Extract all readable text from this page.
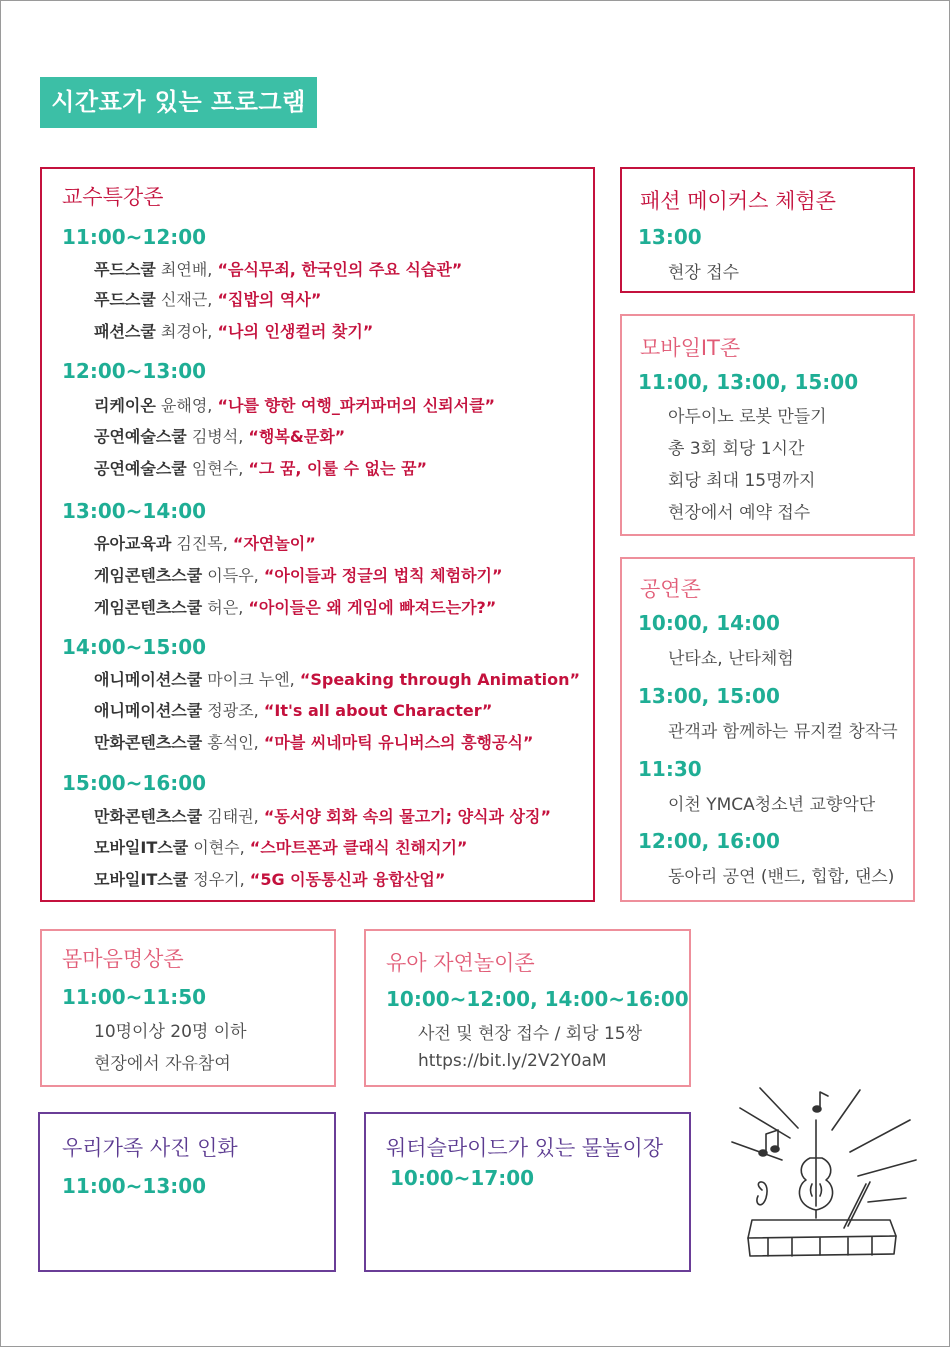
시간표가 있는 프로그램
교수특강존
11:00~12:00
푸드스쿨 최연배, “음식무죄, 한국인의 주요 식습관”
푸드스쿨 신재근, “집밥의 역사”
패션스쿨 최경아, “나의 인생컬러 찾기”
12:00~13:00
리케이온 윤해영, “나를 향한 여행_파커파머의 신뢰서클”
공연예술스쿨 김병석, “행복&문화”
공연예술스쿨 임현수, “그 꿈, 이룰 수 없는 꿈”
13:00~14:00
유아교육과 김진목, “자연놀이”
게임콘텐츠스쿨 이득우, “아이들과 정글의 법칙 체험하기”
게임콘텐츠스쿨 허은, “아이들은 왜 게임에 빠져드는가?”
14:00~15:00
애니메이션스쿨 마이크 누엔, “Speaking through Animation”
애니메이션스쿨 정광조, “It's all about Character”
만화콘텐츠스쿨 홍석인, “마블 씨네마틱 유니버스의 흥행공식”
15:00~16:00
만화콘텐츠스쿨 김태권, “동서양 회화 속의 물고기; 양식과 상징”
모바일IT스쿨 이현수, “스마트폰과 클래식 친해지기”
모바일IT스쿨 정우기, “5G 이동통신과 융합산업”
패션 메이커스 체험존
13:00
현장 접수
모바일IT존
11:00, 13:00, 15:00
아두이노 로봇 만들기
총 3회 회당 1시간
회당 최대 15명까지
현장에서 예약 접수
공연존
10:00, 14:00
난타쇼, 난타체험
13:00, 15:00
관객과 함께하는 뮤지컬 창작극
11:30
이천 YMCA청소년 교향악단
12:00, 16:00
동아리 공연 (밴드, 힙합, 댄스)
몸마음명상존
11:00~11:50
10명이상 20명 이하
현장에서 자유참여
유아 자연놀이존
10:00~12:00, 14:00~16:00
사전 및 현장 접수 / 회당 15쌍
https://bit.ly/2V2Y0aM
우리가족 사진 인화
11:00~13:00
워터슬라이드가 있는 물놀이장
10:00~17:00
